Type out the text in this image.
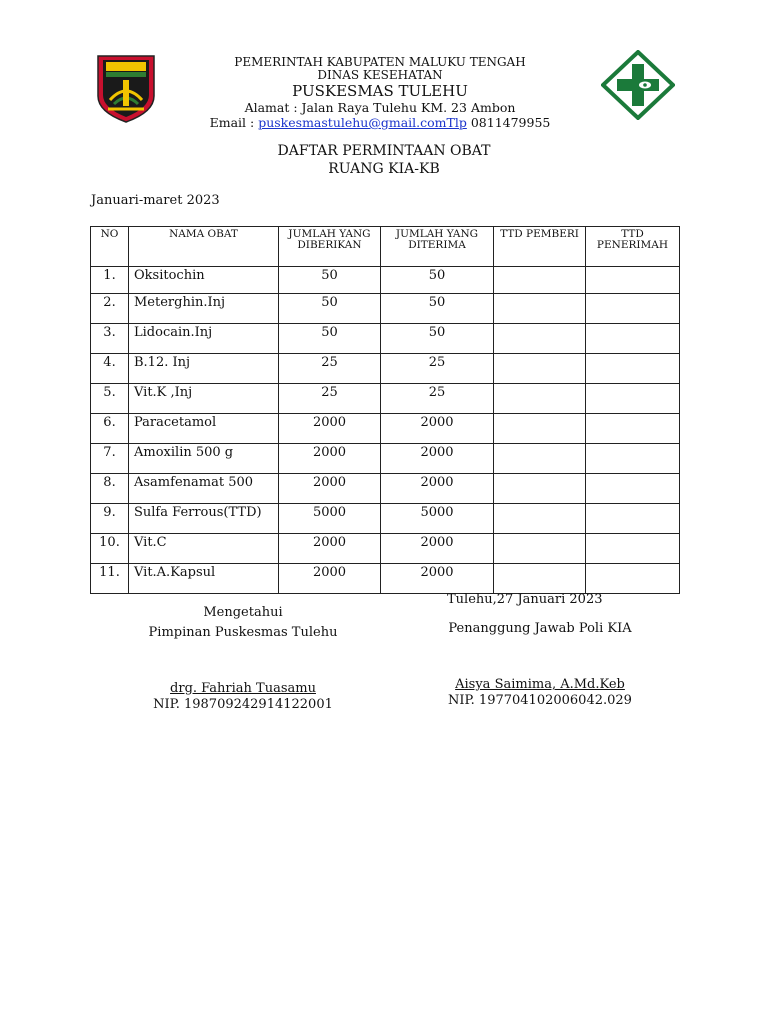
PEMERINTAH KABUPATEN MALUKU TENGAH
DINAS KESEHATAN
PUSKESMAS TULEHU
Alamat : Jalan Raya Tulehu KM. 23 Ambon
Email : puskesmastulehu@gmail.comTlp 0811479955
DAFTAR PERMINTAAN OBAT
RUANG KIA-KB
Januari-maret 2023
NO	NAMA OBAT	JUMLAH YANG DIBERIKAN	JUMLAH YANG DITERIMA	TTD PEMBERI	TTD PENERIMAH
1.	Oksitochin	50	50		
2.	Meterghin.Inj	50	50		
3.	Lidocain.Inj	50	50		
4.	B.12. Inj	25	25		
5.	Vit.K ,Inj	25	25		
6.	Paracetamol	2000	2000		
7.	Amoxilin 500 g	2000	2000		
8.	Asamfenamat 500	2000	2000		
9.	Sulfa Ferrous(TTD)	5000	5000		
10.	Vit.C	2000	2000		
11.	Vit.A.Kapsul	2000	2000		
Tulehu,27 Januari 2023
Mengetahui
Pimpinan Puskesmas Tulehu
drg. Fahriah Tuasamu
NIP. 198709242914122001
Penanggung Jawab Poli KIA
Aisya Saimima, A.Md.Keb
NIP. 197704102006042.029
